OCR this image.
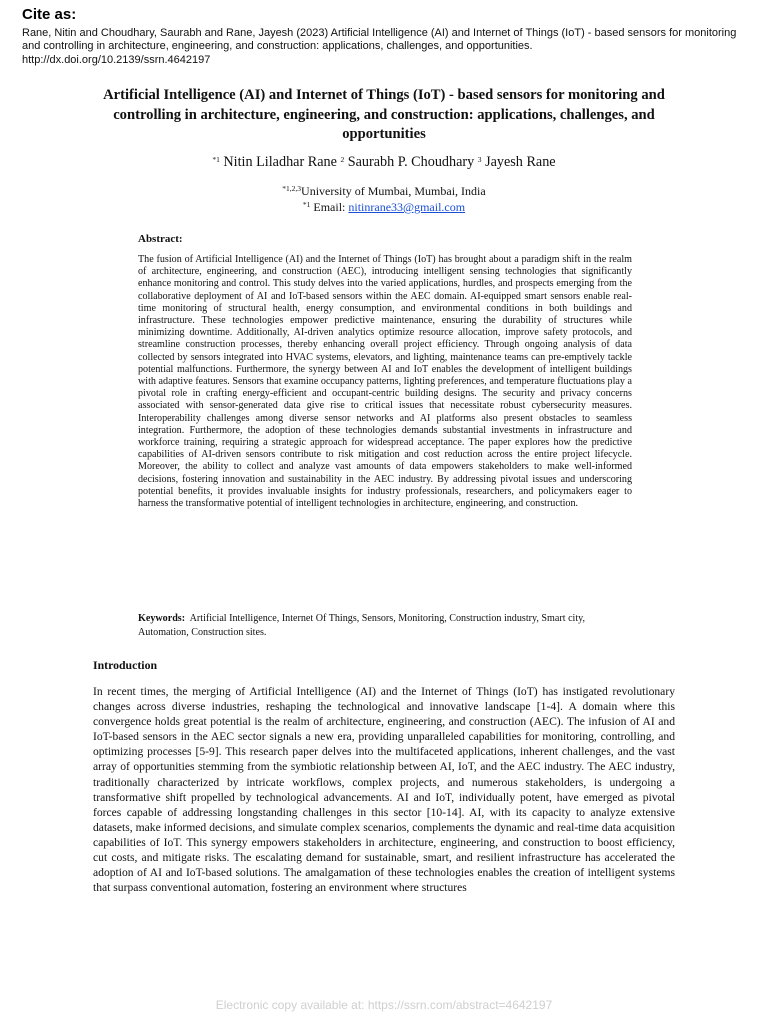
Cite as:
Rane, Nitin and Choudhary, Saurabh and Rane, Jayesh (2023) Artificial Intelligence (AI) and Internet of Things (IoT) - based sensors for monitoring and controlling in architecture, engineering, and construction: applications, challenges, and opportunities.
http://dx.doi.org/10.2139/ssrn.4642197
Artificial Intelligence (AI) and Internet of Things (IoT) - based sensors for monitoring and controlling in architecture, engineering, and construction: applications, challenges, and opportunities
$^{*1}$ Nitin Liladhar Rane $^2$ Saurabh P. Choudhary $^3$ Jayesh Rane
$^{*1,2,3}$University of Mumbai, Mumbai, India
$^{*1}$ Email: nitinrane33@gmail.com
Abstract:
The fusion of Artificial Intelligence (AI) and the Internet of Things (IoT) has brought about a paradigm shift in the realm of architecture, engineering, and construction (AEC), introducing intelligent sensing technologies that significantly enhance monitoring and control. This study delves into the varied applications, hurdles, and prospects emerging from the collaborative deployment of AI and IoT-based sensors within the AEC domain. AI-equipped smart sensors enable real-time monitoring of structural health, energy consumption, and environmental conditions in both buildings and infrastructure. These technologies empower predictive maintenance, ensuring the durability of structures while minimizing downtime. Additionally, AI-driven analytics optimize resource allocation, improve safety protocols, and streamline construction processes, thereby enhancing overall project efficiency. Through ongoing analysis of data collected by sensors integrated into HVAC systems, elevators, and lighting, maintenance teams can pre-emptively tackle potential malfunctions. Furthermore, the synergy between AI and IoT enables the development of intelligent buildings with adaptive features. Sensors that examine occupancy patterns, lighting preferences, and temperature fluctuations play a pivotal role in crafting energy-efficient and occupant-centric building designs. The security and privacy concerns associated with sensor-generated data give rise to critical issues that necessitate robust cybersecurity measures. Interoperability challenges among diverse sensor networks and AI platforms also present obstacles to seamless integration. Furthermore, the adoption of these technologies demands substantial investments in infrastructure and workforce training, requiring a strategic approach for widespread acceptance. The paper explores how the predictive capabilities of AI-driven sensors contribute to risk mitigation and cost reduction across the entire project lifecycle. Moreover, the ability to collect and analyze vast amounts of data empowers stakeholders to make well-informed decisions, fostering innovation and sustainability in the AEC industry. By addressing pivotal issues and underscoring potential benefits, it provides invaluable insights for industry professionals, researchers, and policymakers eager to harness the transformative potential of intelligent technologies in architecture, engineering, and construction.
Keywords: Artificial Intelligence, Internet Of Things, Sensors, Monitoring, Construction industry, Smart city, Automation, Construction sites.
Introduction
In recent times, the merging of Artificial Intelligence (AI) and the Internet of Things (IoT) has instigated revolutionary changes across diverse industries, reshaping the technological and innovative landscape [1-4]. A domain where this convergence holds great potential is the realm of architecture, engineering, and construction (AEC). The infusion of AI and IoT-based sensors in the AEC sector signals a new era, providing unparalleled capabilities for monitoring, controlling, and optimizing processes [5-9]. This research paper delves into the multifaceted applications, inherent challenges, and the vast array of opportunities stemming from the symbiotic relationship between AI, IoT, and the AEC industry. The AEC industry, traditionally characterized by intricate workflows, complex projects, and numerous stakeholders, is undergoing a transformative shift propelled by technological advancements. AI and IoT, individually potent, have emerged as pivotal forces capable of addressing longstanding challenges in this sector [10-14]. AI, with its capacity to analyze extensive datasets, make informed decisions, and simulate complex scenarios, complements the dynamic and real-time data acquisition capabilities of IoT. This synergy empowers stakeholders in architecture, engineering, and construction to boost efficiency, cut costs, and mitigate risks. The escalating demand for sustainable, smart, and resilient infrastructure has accelerated the adoption of AI and IoT-based solutions. The amalgamation of these technologies enables the creation of intelligent systems that surpass conventional automation, fostering an environment where structures
Electronic copy available at: https://ssrn.com/abstract=4642197
